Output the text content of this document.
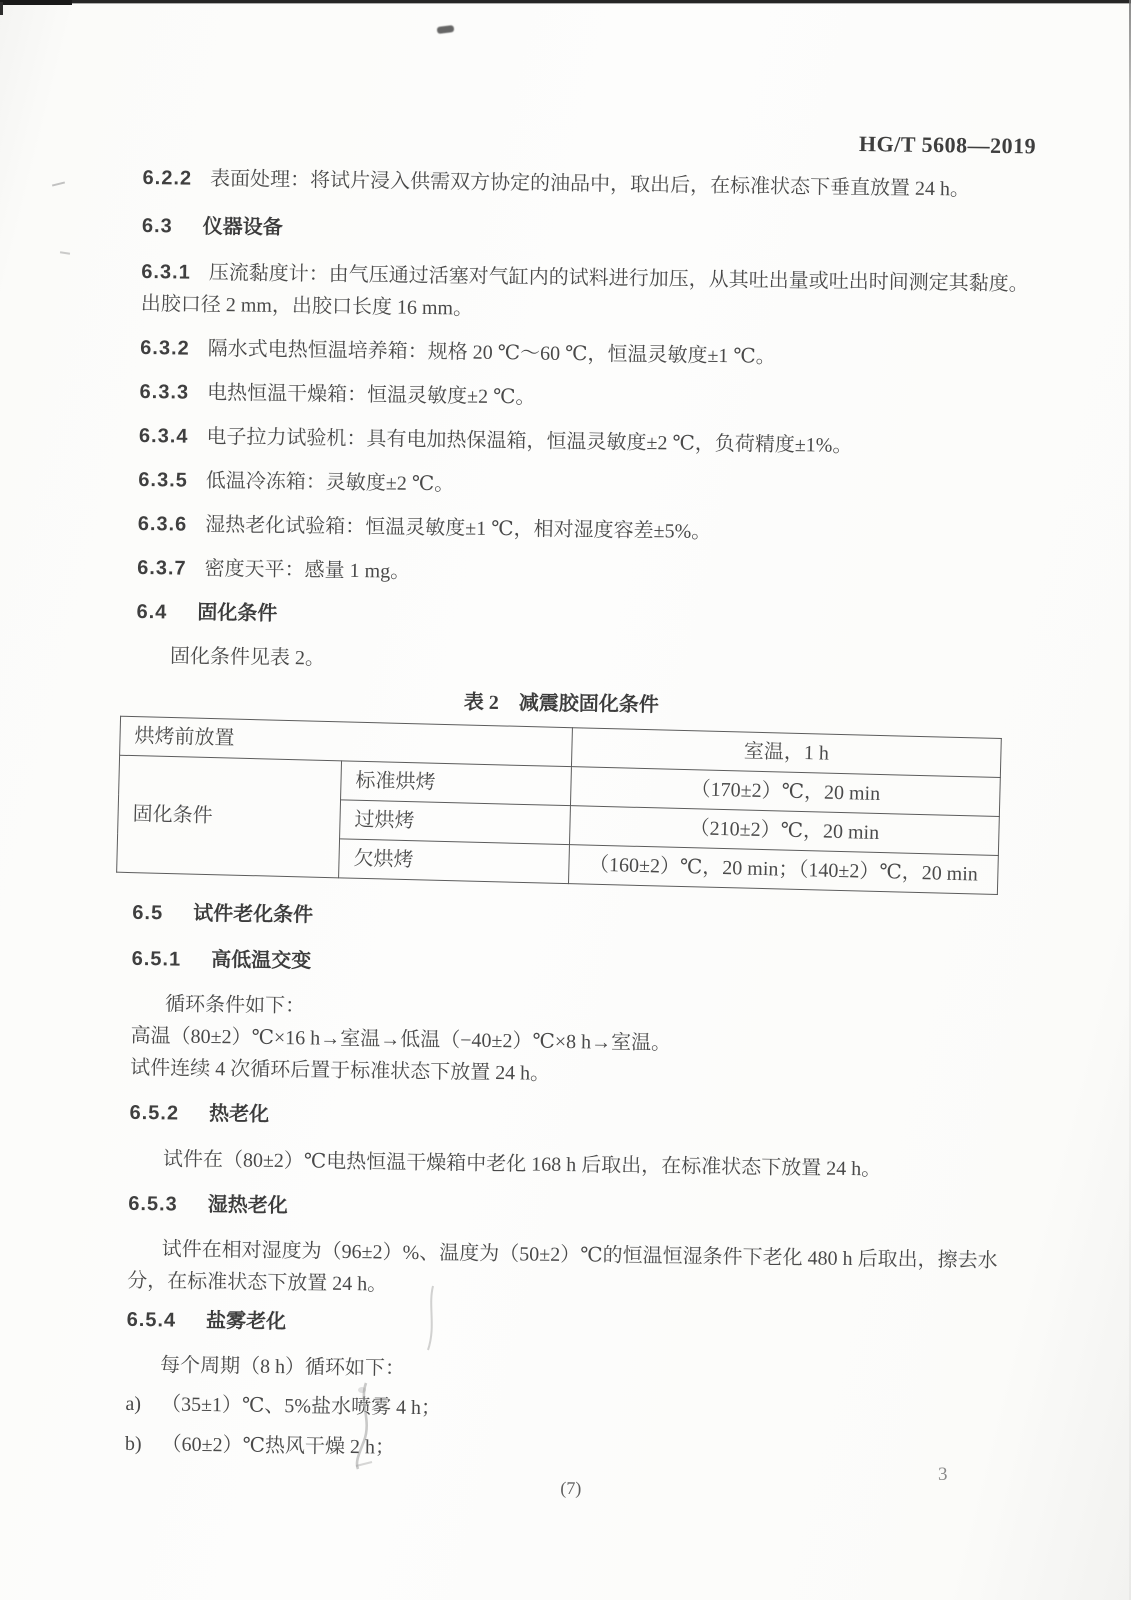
HG/T 5608—2019

6.2.2 表面处理：将试片浸入供需双方协定的油品中，取出后，在标准状态下垂直放置 24 h。

6.3 仪器设备

6.3.1 压流黏度计：由气压通过活塞对气缸内的试料进行加压，从其吐出量或吐出时间测定其黏度。出胶口径 2 mm，出胶口长度 16 mm。

6.3.2 隔水式电热恒温培养箱：规格 20 ℃～60 ℃，恒温灵敏度±1 ℃。

6.3.3 电热恒温干燥箱：恒温灵敏度±2 ℃。

6.3.4 电子拉力试验机：具有电加热保温箱，恒温灵敏度±2 ℃，负荷精度±1%。

6.3.5 低温冷冻箱：灵敏度±2 ℃。

6.3.6 湿热老化试验箱：恒温灵敏度±1 ℃，相对湿度容差±5%。

6.3.7 密度天平：感量 1 mg。

6.4 固化条件

固化条件见表 2。

表 2　减震胶固化条件

烘烤前放置		室温，1 h
固化条件	标准烘烤	（170±2）℃，20 min
	过烘烤	（210±2）℃，20 min
	欠烘烤	（160±2）℃，20 min；（140±2）℃，20 min

6.5 试件老化条件

6.5.1 高低温交变

循环条件如下：

高温（80±2）℃×16 h→室温→低温（−40±2）℃×8 h→室温。

试件连续 4 次循环后置于标准状态下放置 24 h。

6.5.2 热老化

试件在（80±2）℃电热恒温干燥箱中老化 168 h 后取出，在标准状态下放置 24 h。

6.5.3 湿热老化

试件在相对湿度为（96±2）%、温度为（50±2）℃的恒温恒湿条件下老化 480 h 后取出，擦去水分，在标准状态下放置 24 h。

6.5.4 盐雾老化

每个周期（8 h）循环如下：

a) （35±1）℃、5%盐水喷雾 4 h；

b) （60±2）℃热风干燥 2 h；

(7)

3
